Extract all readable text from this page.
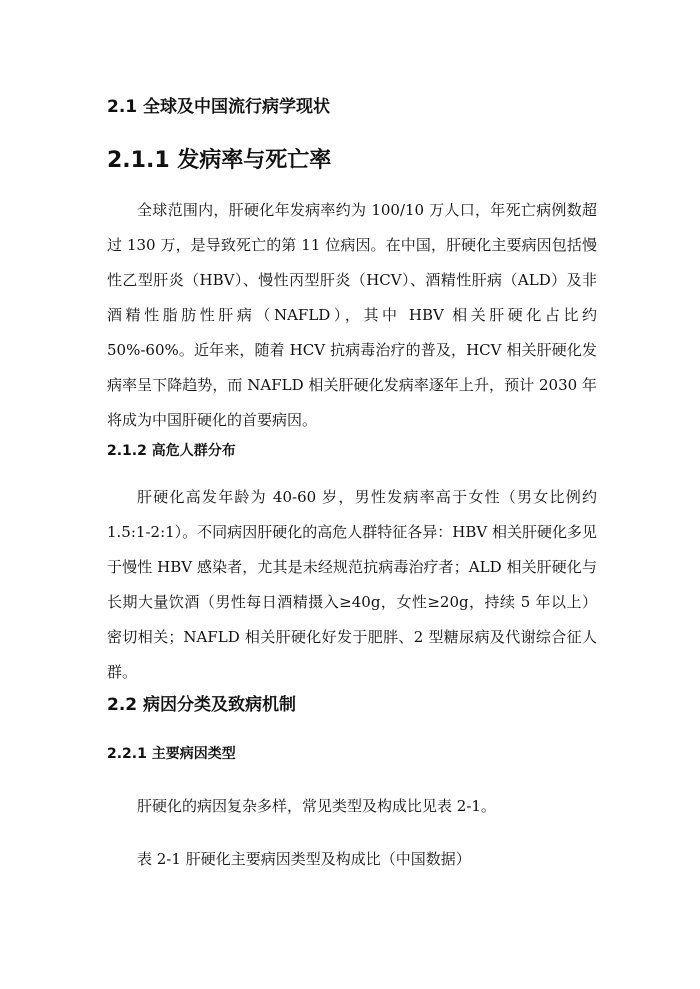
2.1 全球及中国流行病学现状
2.1.1 发病率与死亡率

全球范围内，肝硬化年发病率约为 100/10 万人口，年死亡病例数超过 130 万，是导致死亡的第 11 位病因。在中国，肝硬化主要病因包括慢性乙型肝炎（HBV）、慢性丙型肝炎（HCV）、酒精性肝病（ALD）及非酒精性脂肪性肝病（NAFLD），其中 HBV 相关肝硬化占比约 50%-60%。近年来，随着 HCV 抗病毒治疗的普及，HCV 相关肝硬化发病率呈下降趋势，而 NAFLD 相关肝硬化发病率逐年上升，预计 2030 年将成为中国肝硬化的首要病因。

2.1.2 高危人群分布

肝硬化高发年龄为 40-60 岁，男性发病率高于女性（男女比例约 1.5:1-2:1）。不同病因肝硬化的高危人群特征各异：HBV 相关肝硬化多见于慢性 HBV 感染者，尤其是未经规范抗病毒治疗者；ALD 相关肝硬化与长期大量饮酒（男性每日酒精摄入≥40g，女性≥20g，持续 5 年以上）密切相关；NAFLD 相关肝硬化好发于肥胖、2 型糖尿病及代谢综合征人群。

2.2 病因分类及致病机制
2.2.1 主要病因类型

肝硬化的病因复杂多样，常见类型及构成比见表 2-1。

表 2-1 肝硬化主要病因类型及构成比（中国数据）
